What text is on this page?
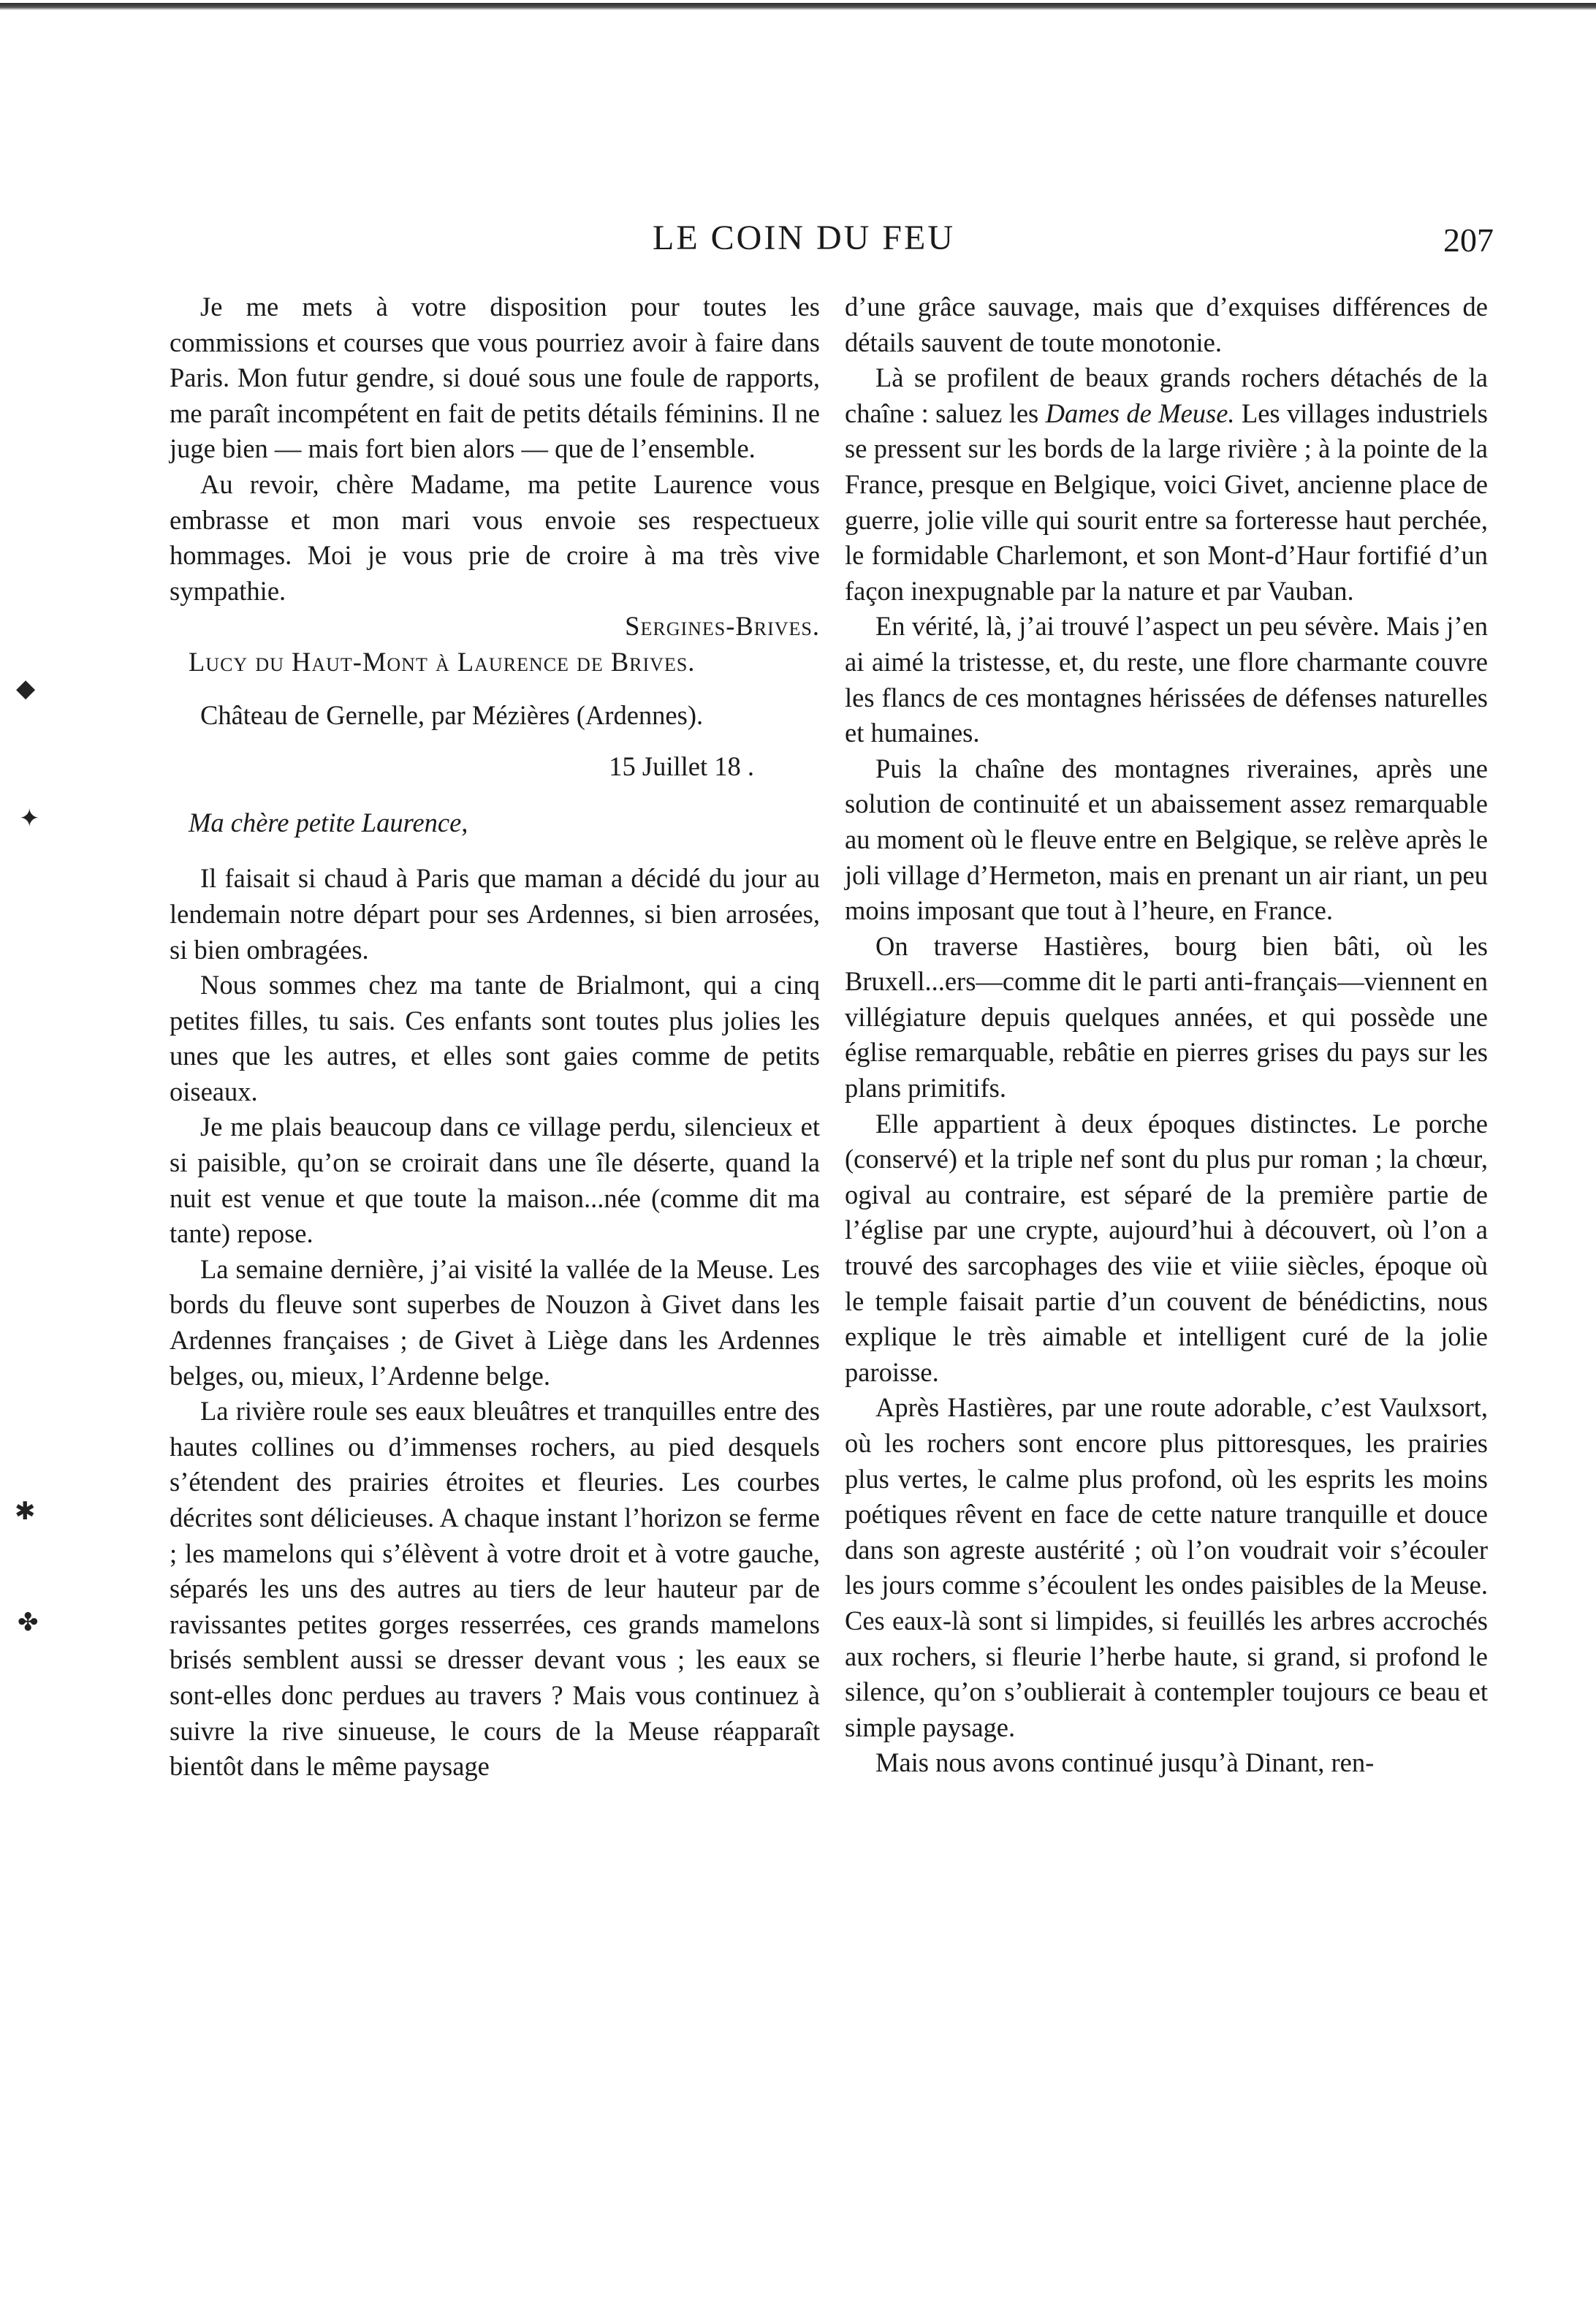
LE COIN DU FEU	207
◆
✦
✱
✤

Je me mets à votre disposition pour toutes les commissions et courses que vous pourriez avoir à faire dans Paris. Mon futur gendre, si doué sous une foule de rapports, me paraît incompétent en fait de petits détails féminins. Il ne juge bien — mais fort bien alors — que de l’ensemble.

Au revoir, chère Madame, ma petite Laurence vous embrasse et mon mari vous envoie ses respectueux hommages. Moi je vous prie de croire à ma très vive sympathie.

Sergines-Brives.

Lucy du Haut-Mont à Laurence de Brives.

Château de Gernelle, par Mézières (Ardennes).

15 Juillet 18 .

Ma chère petite Laurence,

Il faisait si chaud à Paris que maman a décidé du jour au lendemain notre départ pour ses Ardennes, si bien arrosées, si bien ombragées.

Nous sommes chez ma tante de Brialmont, qui a cinq petites filles, tu sais. Ces enfants sont toutes plus jolies les unes que les autres, et elles sont gaies comme de petits oiseaux.

Je me plais beaucoup dans ce village perdu, silencieux et si paisible, qu’on se croirait dans une île déserte, quand la nuit est venue et que toute la maison...née (comme dit ma tante) repose.

La semaine dernière, j’ai visité la vallée de la Meuse. Les bords du fleuve sont superbes de Nouzon à Givet dans les Ardennes françaises ; de Givet à Liège dans les Ardennes belges, ou, mieux, l’Ardenne belge.

La rivière roule ses eaux bleuâtres et tranquilles entre des hautes collines ou d’immenses rochers, au pied desquels s’étendent des prairies étroites et fleuries. Les courbes décrites sont délicieuses. A chaque instant l’horizon se ferme ; les mamelons qui s’élèvent à votre droit et à votre gauche, séparés les uns des autres au tiers de leur hauteur par de ravissantes petites gorges resserrées, ces grands mamelons brisés semblent aussi se dresser devant vous ; les eaux se sont-elles donc perdues au travers ? Mais vous continuez à suivre la rive sinueuse, le cours de la Meuse réapparaît bientôt dans le même paysage

d’une grâce sauvage, mais que d’exquises différences de détails sauvent de toute monotonie.

Là se profilent de beaux grands rochers détachés de la chaîne : saluez les Dames de Meuse. Les villages industriels se pressent sur les bords de la large rivière ; à la pointe de la France, presque en Belgique, voici Givet, ancienne place de guerre, jolie ville qui sourit entre sa forteresse haut perchée, le formidable Charlemont, et son Mont-d’Haur fortifié d’un façon inexpugnable par la nature et par Vauban.

En vérité, là, j’ai trouvé l’aspect un peu sévère. Mais j’en ai aimé la tristesse, et, du reste, une flore charmante couvre les flancs de ces montagnes hérissées de défenses naturelles et humaines.

Puis la chaîne des montagnes riveraines, après une solution de continuité et un abaissement assez remarquable au moment où le fleuve entre en Belgique, se relève après le joli village d’Hermeton, mais en prenant un air riant, un peu moins imposant que tout à l’heure, en France.

On traverse Hastières, bourg bien bâti, où les Bruxell...ers—comme dit le parti anti-français—viennent en villégiature depuis quelques années, et qui possède une église remarquable, rebâtie en pierres grises du pays sur les plans primitifs.

Elle appartient à deux époques distinctes. Le porche (conservé) et la triple nef sont du plus pur roman ; la chœur, ogival au contraire, est séparé de la première partie de l’église par une crypte, aujourd’hui à découvert, où l’on a trouvé des sarcophages des viie et viiie siècles, époque où le temple faisait partie d’un couvent de bénédictins, nous explique le très aimable et intelligent curé de la jolie paroisse.

Après Hastières, par une route adorable, c’est Vaulxsort, où les rochers sont encore plus pittoresques, les prairies plus vertes, le calme plus profond, où les esprits les moins poétiques rêvent en face de cette nature tranquille et douce dans son agreste austérité ; où l’on voudrait voir s’écouler les jours comme s’écoulent les ondes paisibles de la Meuse. Ces eaux-là sont si limpides, si feuillés les arbres accrochés aux rochers, si fleurie l’herbe haute, si grand, si profond le silence, qu’on s’oublierait à contempler toujours ce beau et simple paysage.

Mais nous avons continué jusqu’à Dinant, ren-
